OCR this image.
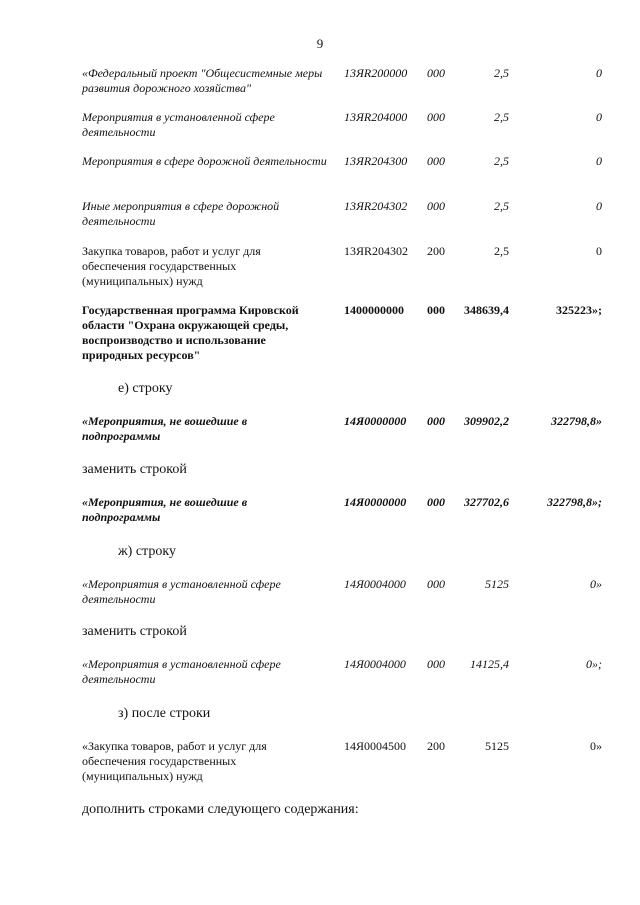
9
«Федеральный проект "Общесистемные меры развития дорожного хозяйства"
13ЯR200000 000	2,5	0
Мероприятия в установленной сфере деятельности
13ЯR204000 000	2,5	0
Мероприятия в сфере дорожной деятельности 13ЯR204300 000	2,5	0
Иные мероприятия в сфере дорожной деятельности
13ЯR204302 000	2,5	0
Закупка товаров, работ и услуг для обеспечения государственных (муниципальных) нужд
13ЯR204302 200	2,5	0
Государственная программа Кировской области "Охрана окружающей среды, воспроизводство и использование природных ресурсов"
1400000000 000	348639,4	325223»;
е) строку
«Мероприятия, не вошедшие в подпрограммы
14Я0000000 000	309902,2	322798,8»
заменить строкой
«Мероприятия, не вошедшие в подпрограммы
14Я0000000 000	327702,6	322798,8»;
ж) строку
«Мероприятия в установленной сфере деятельности
14Я0004000 000	5125	0»
заменить строкой
«Мероприятия в установленной сфере деятельности
14Я0004000 000	14125,4	0»;
з) после строки
«Закупка товаров, работ и услуг для обеспечения государственных (муниципальных) нужд
14Я0004500 200	5125	0»
дополнить строками следующего содержания:
